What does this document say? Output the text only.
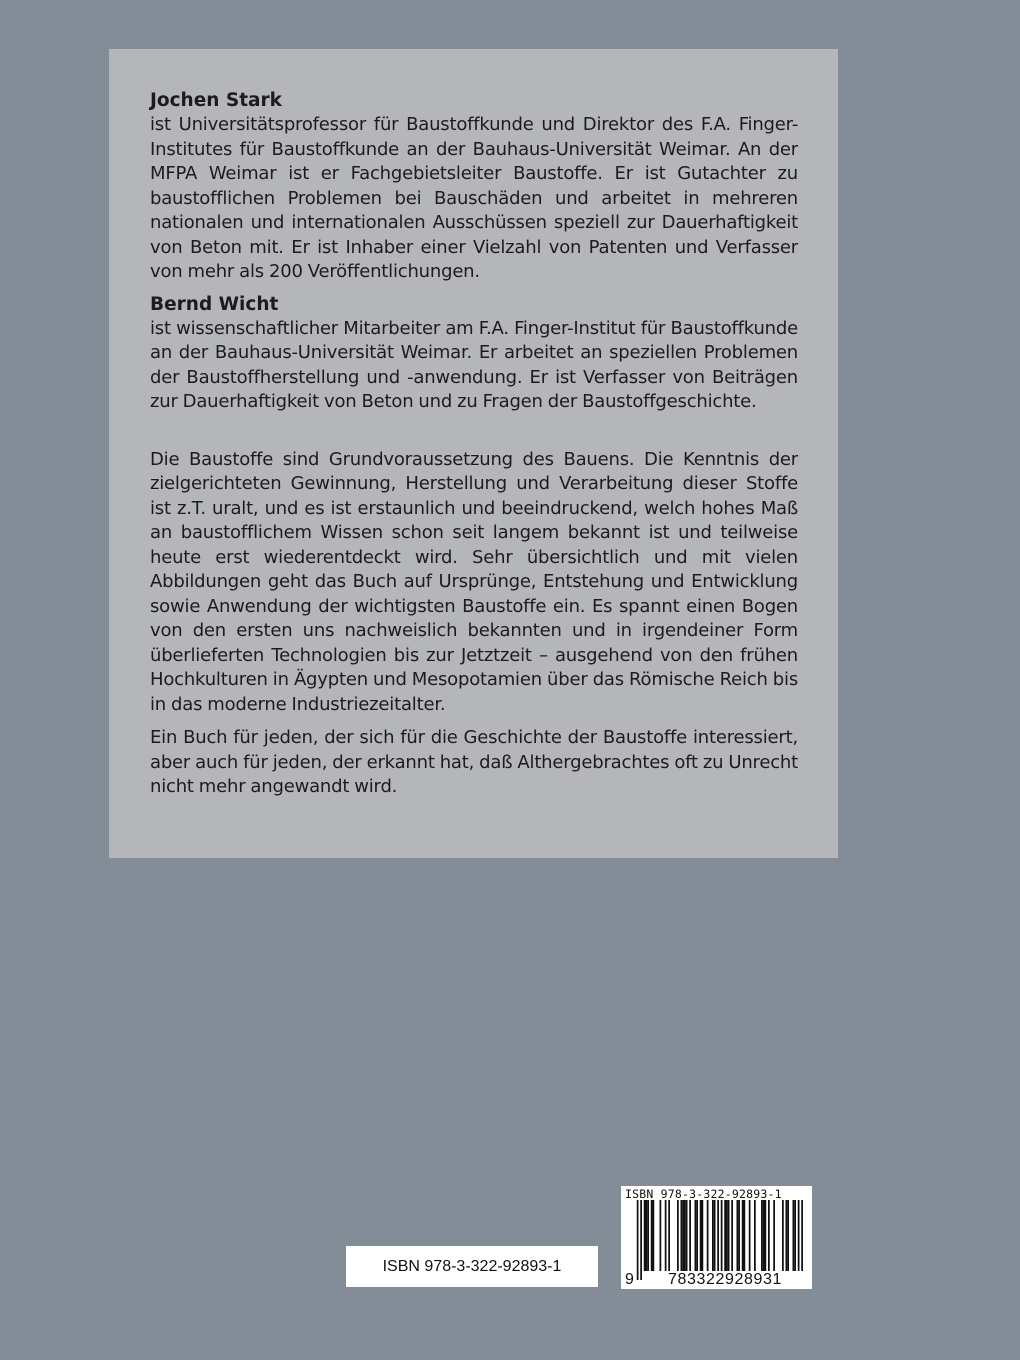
Jochen Stark

ist Universitätsprofessor für Baustoffkunde und Direktor des F.A. Finger-Institutes für Baustoffkunde an der Bauhaus-Universität Weimar. An der MFPA Weimar ist er Fachgebietsleiter Baustoffe. Er ist Gutachter zu baustofflichen Problemen bei Bauschäden und arbeitet in mehreren nationalen und internationalen Ausschüssen speziell zur Dauerhaftigkeit von Beton mit. Er ist Inhaber einer Vielzahl von Patenten und Verfasser von mehr als 200 Veröffentlichungen.

Bernd Wicht

ist wissenschaftlicher Mitarbeiter am F.A. Finger-Institut für Baustoffkunde an der Bauhaus-Universität Weimar. Er arbeitet an speziellen Problemen der Baustoffherstellung und -anwendung. Er ist Verfasser von Beiträgen zur Dauerhaftigkeit von Beton und zu Fragen der Baustoffgeschichte.

Die Baustoffe sind Grundvoraussetzung des Bauens. Die Kenntnis der zielgerichteten Gewinnung, Herstellung und Verarbeitung dieser Stoffe ist z.T. uralt, und es ist erstaunlich und beeindruckend, welch hohes Maß an baustofflichem Wissen schon seit langem bekannt ist und teilweise heute erst wiederentdeckt wird. Sehr übersichtlich und mit vielen Abbildungen geht das Buch auf Ursprünge, Entstehung und Entwicklung sowie Anwendung der wichtigsten Baustoffe ein. Es spannt einen Bogen von den ersten uns nachweislich bekannten und in irgendeiner Form überlieferten Technologien bis zur Jetztzeit – ausgehend von den frühen Hochkulturen in Ägypten und Mesopotamien über das Römische Reich bis in das moderne Industriezeitalter.

Ein Buch für jeden, der sich für die Geschichte der Baustoffe interessiert, aber auch für jeden, der erkannt hat, daß Althergebrachtes oft zu Unrecht nicht mehr angewandt wird.

ISBN 978-3-322-92893-1
ISBN 978-3-322-92893-1
9	783322928931
